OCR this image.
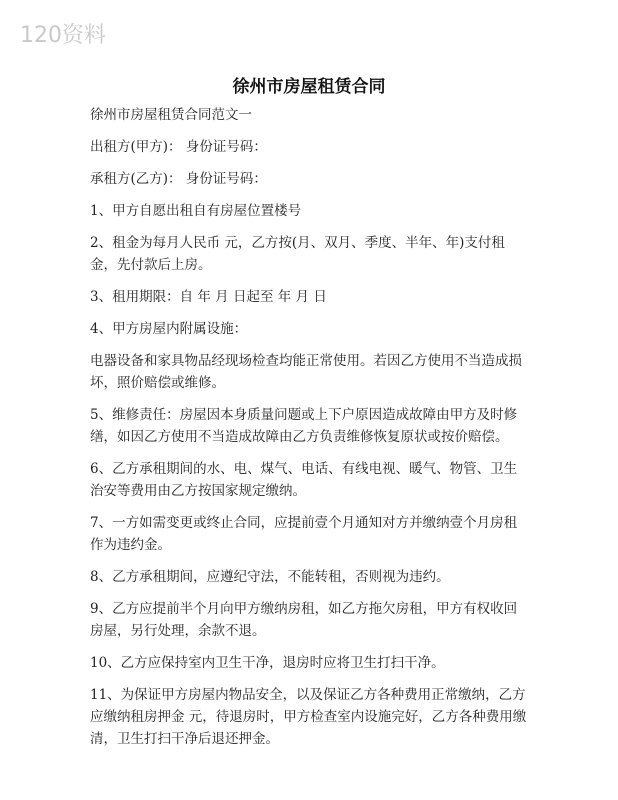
120资料
徐州市房屋租赁合同

徐州市房屋租赁合同范文一

出租方(甲方)： 身份证号码：

承租方(乙方)： 身份证号码：

1、甲方自愿出租自有房屋位置楼号

2、租金为每月人民币 元，乙方按(月、双月、季度、半年、年)支付租金，先付款后上房。

3、租用期限：自 年 月 日起至 年 月 日

4、甲方房屋内附属设施：

电器设备和家具物品经现场检查均能正常使用。若因乙方使用不当造成损坏，照价赔偿或维修。

5、维修责任：房屋因本身质量问题或上下户原因造成故障由甲方及时修缮，如因乙方使用不当造成故障由乙方负责维修恢复原状或按价赔偿。

6、乙方承租期间的水、电、煤气、电话、有线电视、暖气、物管、卫生治安等费用由乙方按国家规定缴纳。

7、一方如需变更或终止合同，应提前壹个月通知对方并缴纳壹个月房租作为违约金。

8、乙方承租期间，应遵纪守法，不能转租，否则视为违约。

9、乙方应提前半个月向甲方缴纳房租，如乙方拖欠房租，甲方有权收回房屋，另行处理，余款不退。

10、乙方应保持室内卫生干净，退房时应将卫生打扫干净。

11、为保证甲方房屋内物品安全，以及保证乙方各种费用正常缴纳，乙方应缴纳租房押金 元，待退房时，甲方检查室内设施完好，乙方各种费用缴清，卫生打扫干净后退还押金。
